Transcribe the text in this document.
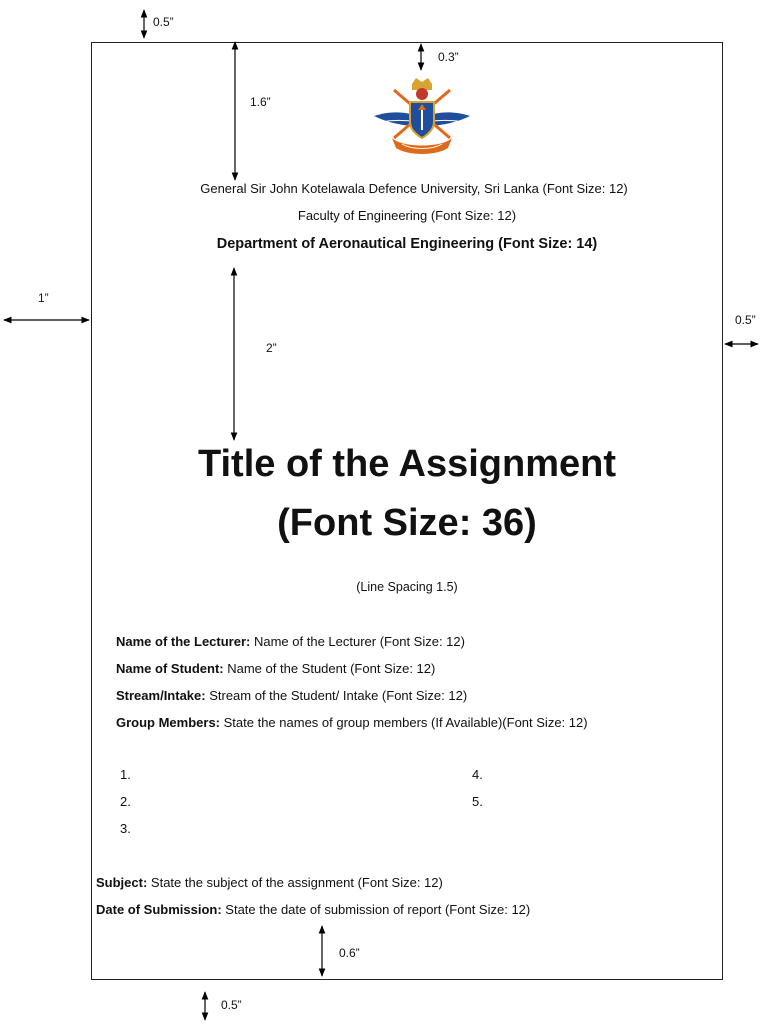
0.5”
0.3”
1.6”
1”
0.5”
2”
0.6”
0.5”
General Sir John Kotelawala Defence University, Sri Lanka (Font Size: 12)
Faculty of Engineering (Font Size: 12)
Department of Aeronautical Engineering (Font Size: 14)
Title of the Assignment
(Font Size: 36)
(Line Spacing 1.5)
Name of the Lecturer: Name of the Lecturer (Font Size: 12)
Name of Student: Name of the Student (Font Size: 12)
Stream/Intake: Stream of the Student/ Intake (Font Size: 12)
Group Members: State the names of group members (If Available)(Font Size: 12)
1.
2.
3.
4.
5.
Subject: State the subject of the assignment (Font Size: 12)
Date of Submission: State the date of submission of report (Font Size: 12)
